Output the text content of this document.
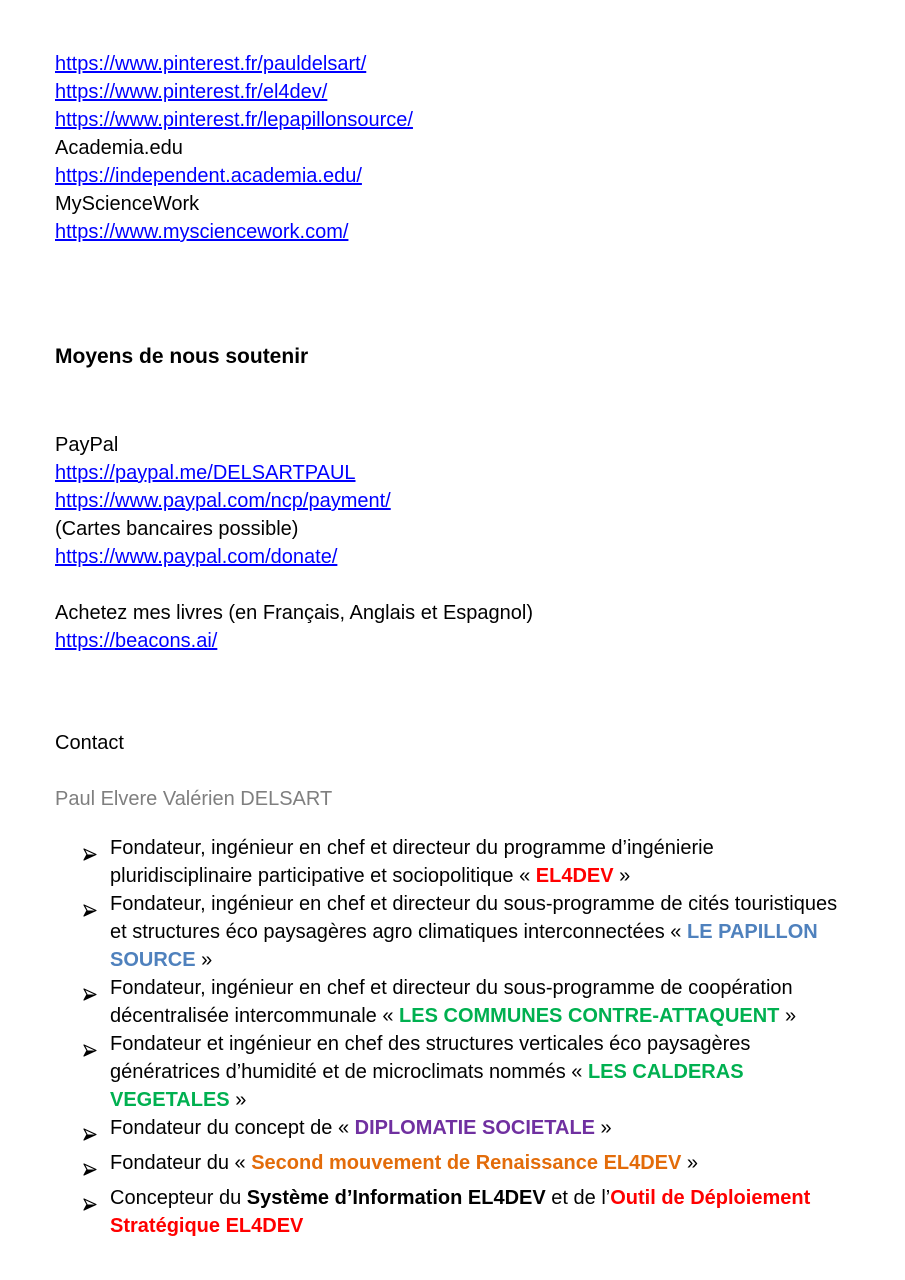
https://www.pinterest.fr/pauldelsart/
https://www.pinterest.fr/el4dev/
https://www.pinterest.fr/lepapillonsource/
Academia.edu
https://independent.academia.edu/
MyScienceWork
https://www.mysciencework.com/
Moyens de nous soutenir
PayPal
https://paypal.me/DELSARTPAUL
https://www.paypal.com/ncp/payment/
(Cartes bancaires possible)
https://www.paypal.com/donate/
Achetez mes livres (en Français, Anglais et Espagnol)
https://beacons.ai/
Contact
Paul Elvere Valérien DELSART
Fondateur, ingénieur en chef et directeur du programme d’ingénierie
pluridisciplinaire participative et sociopolitique « EL4DEV »
Fondateur, ingénieur en chef et directeur du sous-programme de cités touristiques
et structures éco paysagères agro climatiques interconnectées « LE PAPILLON
SOURCE »
Fondateur, ingénieur en chef et directeur du sous-programme de coopération
décentralisée intercommunale « LES COMMUNES CONTRE-ATTAQUENT »
Fondateur et ingénieur en chef des structures verticales éco paysagères
génératrices d’humidité et de microclimats nommés « LES CALDERAS
VEGETALES »
Fondateur du concept de « DIPLOMATIE SOCIETALE »
Fondateur du « Second mouvement de Renaissance EL4DEV »
Concepteur du Système d’Information EL4DEV et de l’Outil de Déploiement
Stratégique EL4DEV
